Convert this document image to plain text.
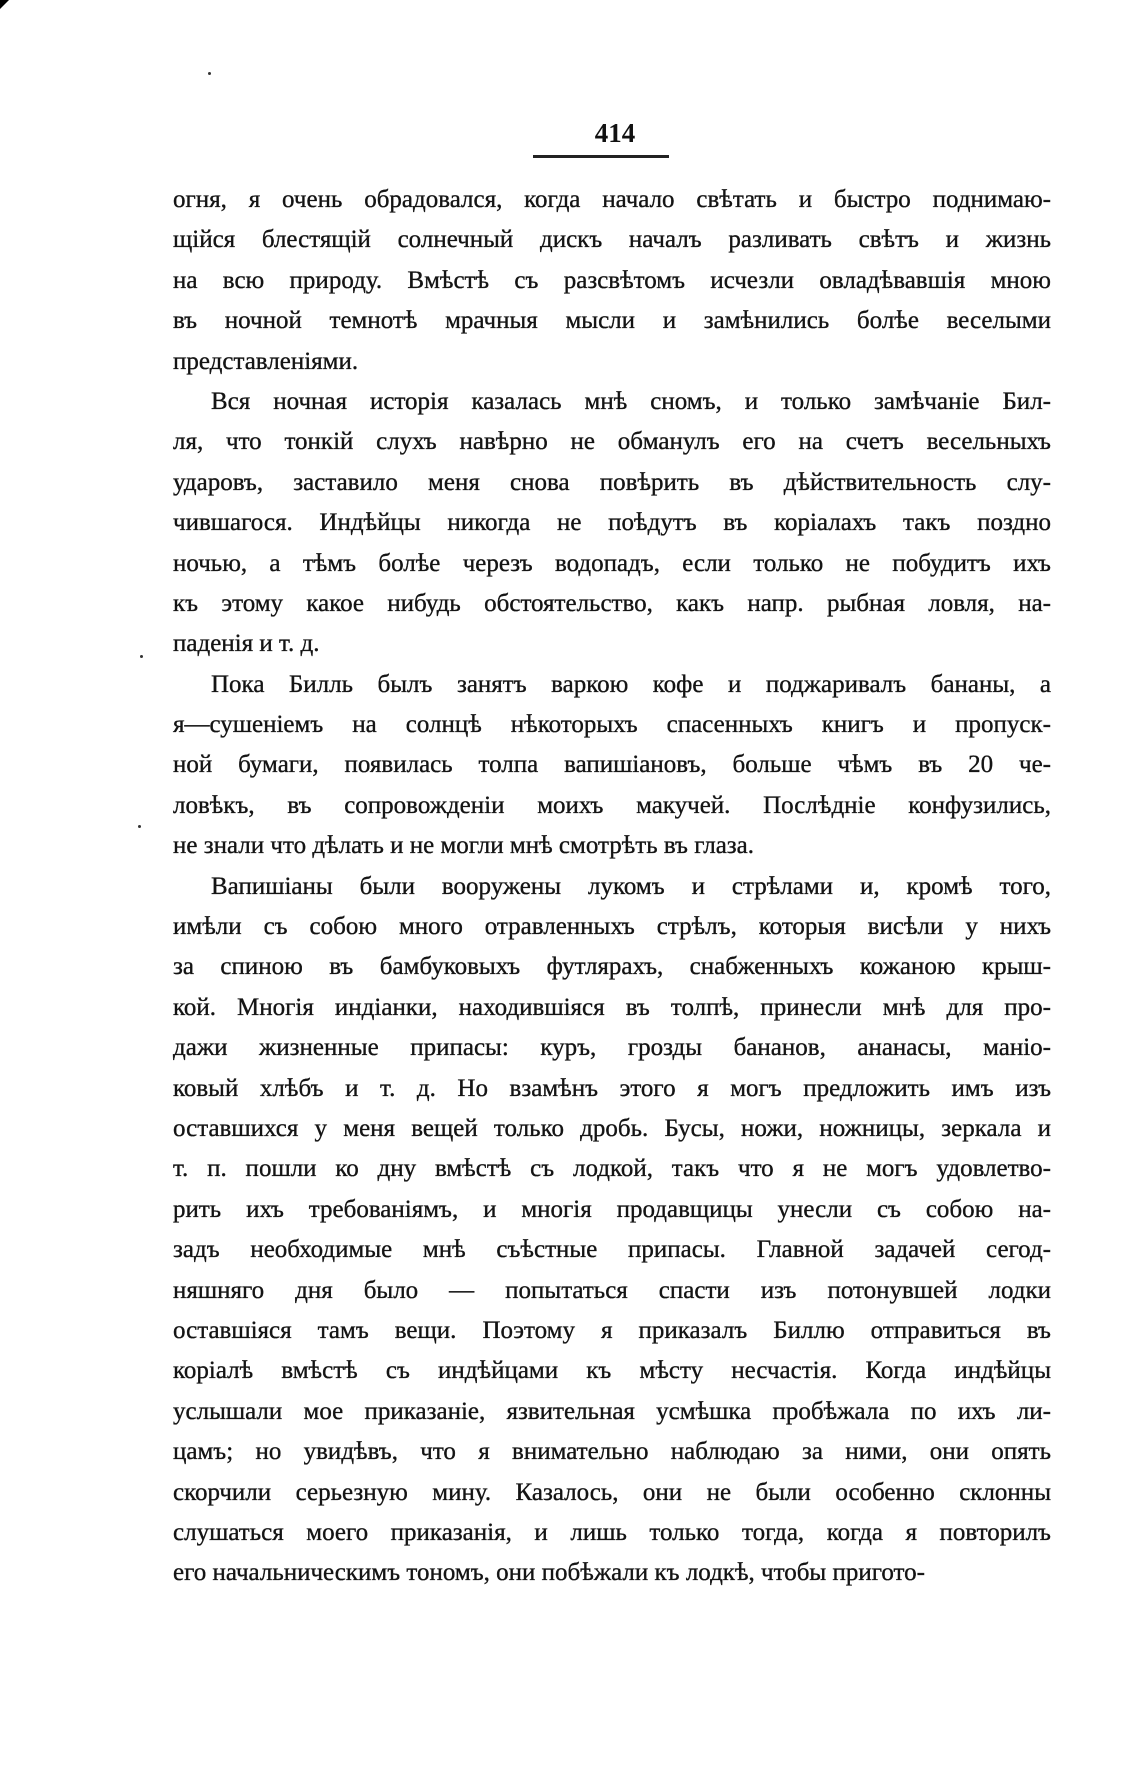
414
огня, я очень обрадовался, когда начало свѣтать и быстро поднимаю-
щійся блестящій солнечный дискъ началъ разливать свѣтъ и жизнь
на всю природу. Вмѣстѣ съ разсвѣтомъ исчезли овладѣвавшія мною
въ ночной темнотѣ мрачныя мысли и замѣнились болѣе веселыми
представленіями.
Вся ночная исторія казалась мнѣ сномъ, и только замѣчаніе Бил-
ля, что тонкій слухъ навѣрно не обманулъ его на счетъ весельныхъ
ударовъ, заставило меня снова повѣрить въ дѣйствительность слу-
чившагося. Индѣйцы никогда не поѣдутъ въ коріалахъ такъ поздно
ночью, а тѣмъ болѣе черезъ водопадъ, если только не побудитъ ихъ
къ этому какое нибудь обстоятельство, какъ напр. рыбная ловля, на-
паденія и т. д.
Пока Билль былъ занятъ варкою кофе и поджаривалъ бананы, а
я—сушеніемъ на солнцѣ нѣкоторыхъ спасенныхъ книгъ и пропуск-
ной бумаги, появилась толпа вапишіановъ, больше чѣмъ въ 20 че-
ловѣкъ, въ сопровожденіи моихъ макучей. Послѣдніе конфузились,
не знали что дѣлать и не могли мнѣ смотрѣть въ глаза.
Вапишіаны были вооружены лукомъ и стрѣлами и, кромѣ того,
имѣли съ собою много отравленныхъ стрѣлъ, которыя висѣли у нихъ
за спиною въ бамбуковыхъ футлярахъ, снабженныхъ кожаною крыш-
кой. Многія индіанки, находившіяся въ толпѣ, принесли мнѣ для про-
дажи жизненные припасы: куръ, грозды бананов, ананасы, маніо-
ковый хлѣбъ и т. д. Но взамѣнъ этого я могъ предложить имъ изъ
оставшихся у меня вещей только дробь. Бусы, ножи, ножницы, зеркала и
т. п. пошли ко дну вмѣстѣ съ лодкой, такъ что я не могъ удовлетво-
рить ихъ требованіямъ, и многія продавщицы унесли съ собою на-
задъ необходимые мнѣ съѣстные припасы. Главной задачей сегод-
няшняго дня было — попытаться спасти изъ потонувшей лодки
оставшіяся тамъ вещи. Поэтому я приказалъ Биллю отправиться въ
коріалѣ вмѣстѣ съ индѣйцами къ мѣсту несчастія. Когда индѣйцы
услышали мое приказаніе, язвительная усмѣшка пробѣжала по ихъ ли-
цамъ; но увидѣвъ, что я внимательно наблюдаю за ними, они опять
скорчили серьезную мину. Казалось, они не были особенно склонны
слушаться моего приказанія, и лишь только тогда, когда я повторилъ
его начальническимъ тономъ, они побѣжали къ лодкѣ, чтобы пригото-
